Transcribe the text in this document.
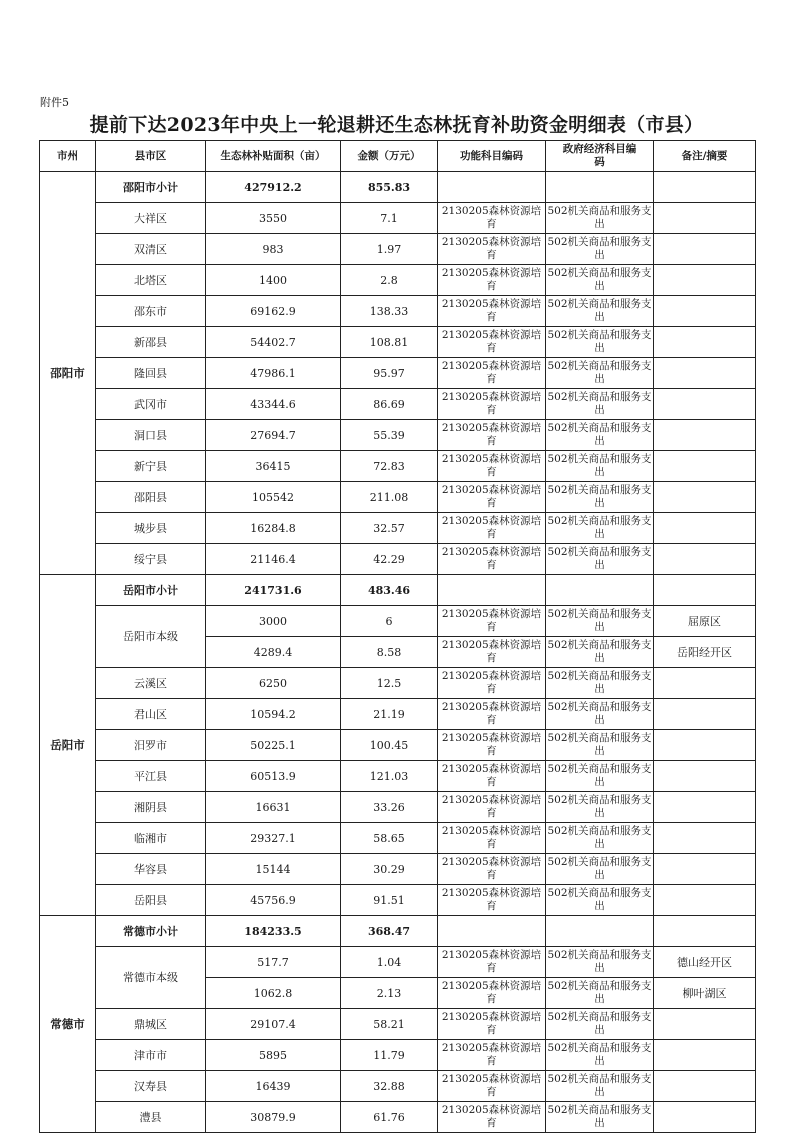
附件5
提前下达2023年中央上一轮退耕还生态林抚育补助资金明细表（市县）
市州	县市区	生态林补贴面积（亩）	金额（万元）	功能科目编码	政府经济科目编码	备注/摘要
邵阳市	邵阳市小计	427912.2	855.83			
	大祥区	3550	7.1	2130205森林资源培育	502机关商品和服务支出	
	双清区	983	1.97	2130205森林资源培育	502机关商品和服务支出	
	北塔区	1400	2.8	2130205森林资源培育	502机关商品和服务支出	
	邵东市	69162.9	138.33	2130205森林资源培育	502机关商品和服务支出	
	新邵县	54402.7	108.81	2130205森林资源培育	502机关商品和服务支出	
	隆回县	47986.1	95.97	2130205森林资源培育	502机关商品和服务支出	
	武冈市	43344.6	86.69	2130205森林资源培育	502机关商品和服务支出	
	洞口县	27694.7	55.39	2130205森林资源培育	502机关商品和服务支出	
	新宁县	36415	72.83	2130205森林资源培育	502机关商品和服务支出	
	邵阳县	105542	211.08	2130205森林资源培育	502机关商品和服务支出	
	城步县	16284.8	32.57	2130205森林资源培育	502机关商品和服务支出	
	绥宁县	21146.4	42.29	2130205森林资源培育	502机关商品和服务支出	
岳阳市	岳阳市小计	241731.6	483.46			
	岳阳市本级	3000	6	2130205森林资源培育	502机关商品和服务支出	屈原区
		4289.4	8.58	2130205森林资源培育	502机关商品和服务支出	岳阳经开区
	云溪区	6250	12.5	2130205森林资源培育	502机关商品和服务支出	
	君山区	10594.2	21.19	2130205森林资源培育	502机关商品和服务支出	
	汨罗市	50225.1	100.45	2130205森林资源培育	502机关商品和服务支出	
	平江县	60513.9	121.03	2130205森林资源培育	502机关商品和服务支出	
	湘阴县	16631	33.26	2130205森林资源培育	502机关商品和服务支出	
	临湘市	29327.1	58.65	2130205森林资源培育	502机关商品和服务支出	
	华容县	15144	30.29	2130205森林资源培育	502机关商品和服务支出	
	岳阳县	45756.9	91.51	2130205森林资源培育	502机关商品和服务支出	
常德市	常德市小计	184233.5	368.47			
	常德市本级	517.7	1.04	2130205森林资源培育	502机关商品和服务支出	德山经开区
		1062.8	2.13	2130205森林资源培育	502机关商品和服务支出	柳叶湖区
	鼎城区	29107.4	58.21	2130205森林资源培育	502机关商品和服务支出	
	津市市	5895	11.79	2130205森林资源培育	502机关商品和服务支出	
	汉寿县	16439	32.88	2130205森林资源培育	502机关商品和服务支出	
	澧县	30879.9	61.76	2130205森林资源培育	502机关商品和服务支出	
